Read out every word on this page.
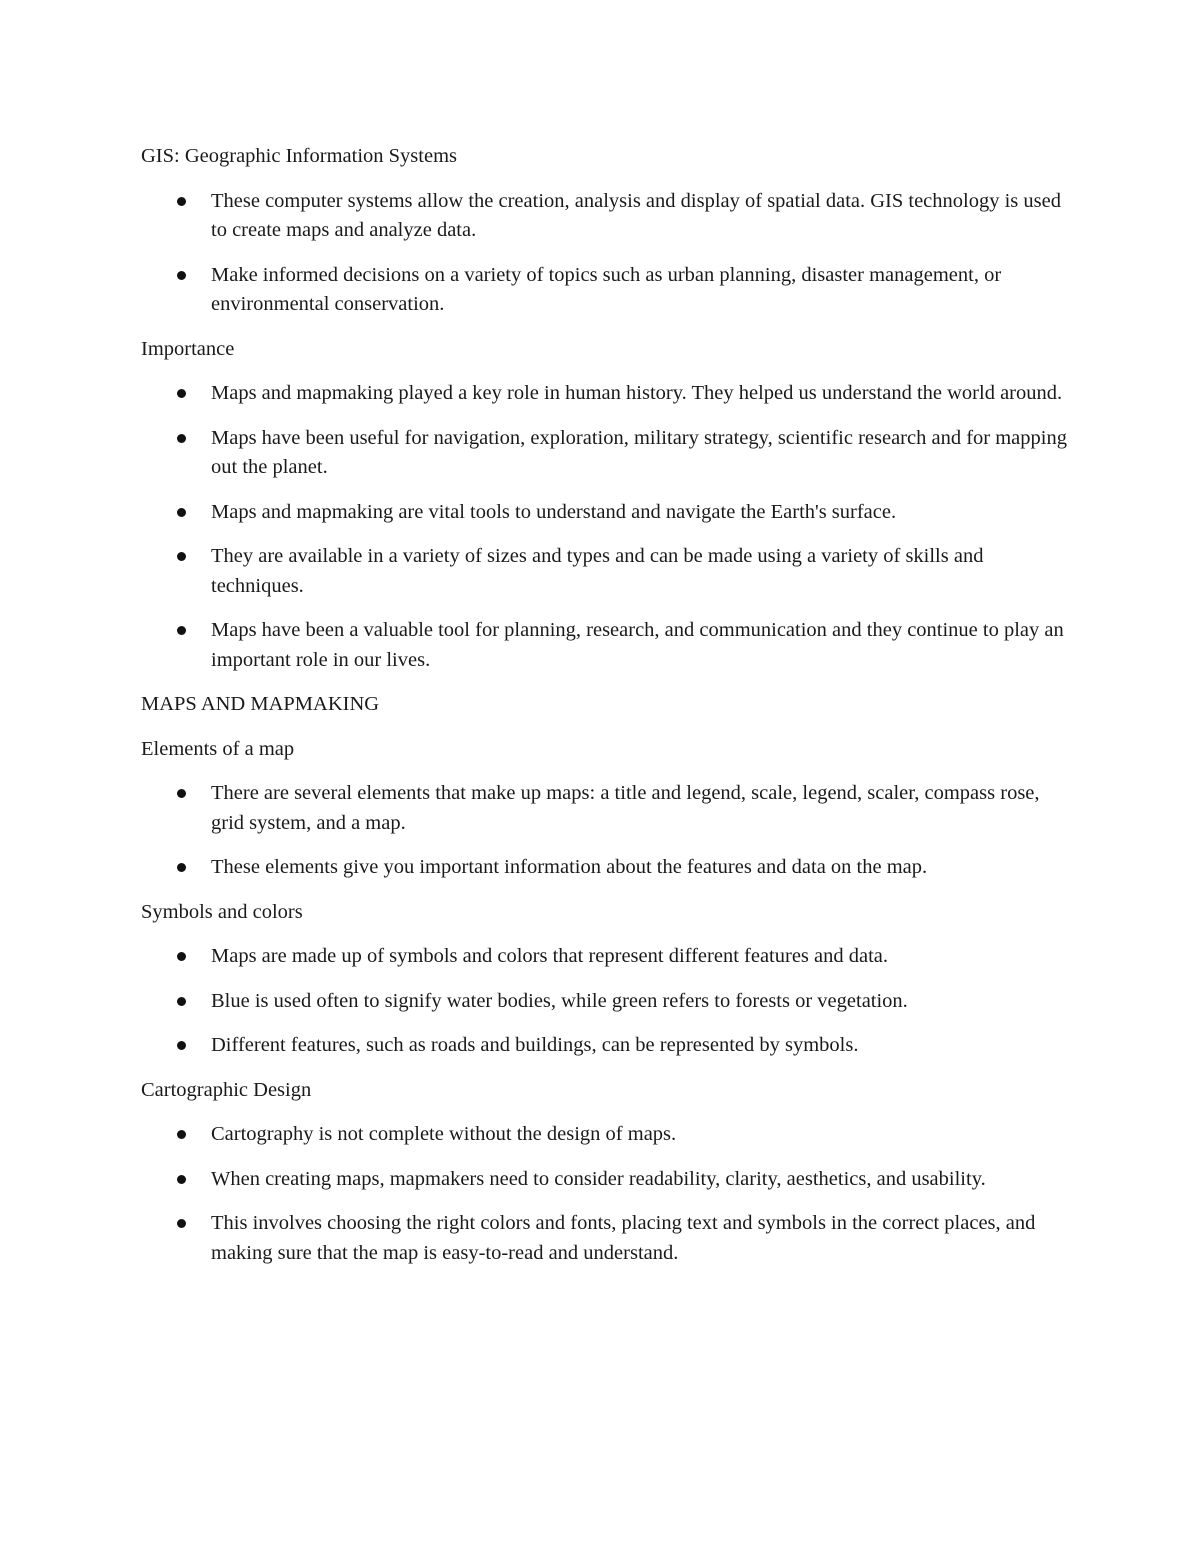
GIS: Geographic Information Systems

These computer systems allow the creation, analysis and display of spatial data. GIS technology is used to create maps and analyze data.
Make informed decisions on a variety of topics such as urban planning, disaster management, or environmental conservation.

Importance

Maps and mapmaking played a key role in human history. They helped us understand the world around.
Maps have been useful for navigation, exploration, military strategy, scientific research and for mapping out the planet.
Maps and mapmaking are vital tools to understand and navigate the Earth's surface.
They are available in a variety of sizes and types and can be made using a variety of skills and techniques.
Maps have been a valuable tool for planning, research, and communication and they continue to play an important role in our lives.

MAPS AND MAPMAKING

Elements of a map

There are several elements that make up maps: a title and legend, scale, legend, scaler, compass rose, grid system, and a map.
These elements give you important information about the features and data on the map.

Symbols and colors

Maps are made up of symbols and colors that represent different features and data.
Blue is used often to signify water bodies, while green refers to forests or vegetation.
Different features, such as roads and buildings, can be represented by symbols.

Cartographic Design

Cartography is not complete without the design of maps.
When creating maps, mapmakers need to consider readability, clarity, aesthetics, and usability.
This involves choosing the right colors and fonts, placing text and symbols in the correct places, and making sure that the map is easy-to-read and understand.
